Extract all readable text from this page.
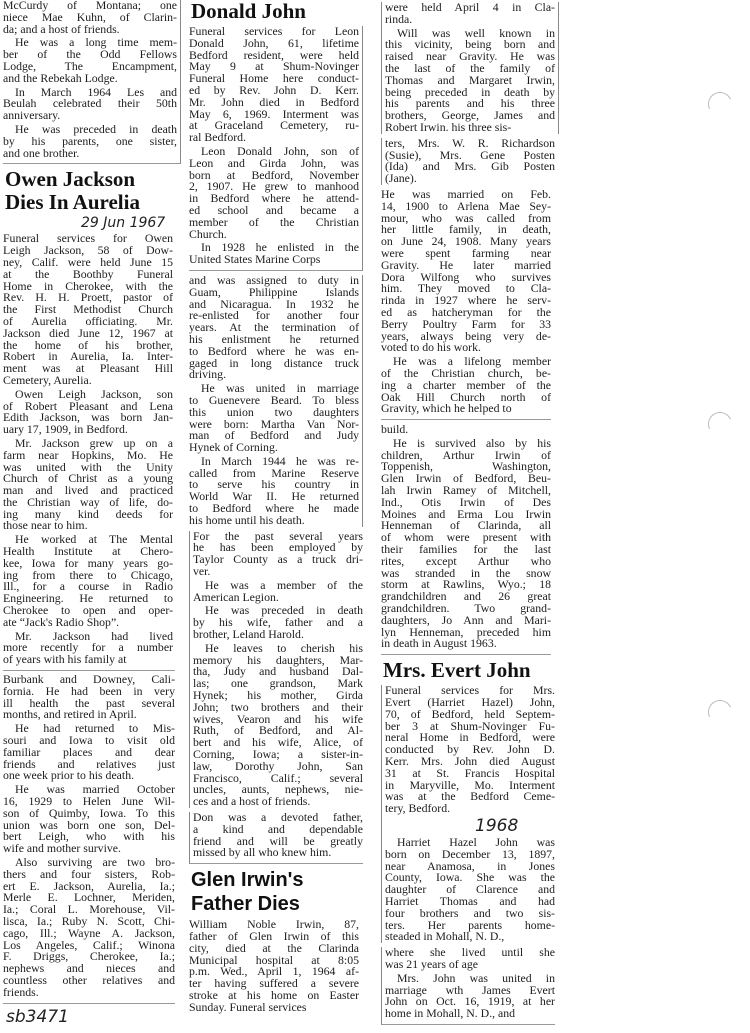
McCurdy of Montana; one
niece Mae Kuhn, of Clarin-
da; and a host of friends.

He was a long time mem-
ber of the Odd Fellows
Lodge, The Encampment,
and the Rebekah Lodge.

In March 1964 Les and
Beulah celebrated their 50th
anniversary.

He was preceded in death
by his parents, one sister,
and one brother.

Owen Jackson
Dies In Aurelia
29 Jun 1967

Funeral services for Owen
Leigh Jackson, 58 of Dow-
ney, Calif. were held June 15
at the Boothby Funeral
Home in Cherokee, with the
Rev. H. H. Proett, pastor of
the First Methodist Church
of Aurelia officiating. Mr.
Jackson died June 12, 1967 at
the home of his brother,
Robert in Aurelia, Ia. Inter-
ment was at Pleasant Hill
Cemetery, Aurelia.

Owen Leigh Jackson, son
of Robert Pleasant and Lena
Edith Jackson, was born Jan-
uary 17, 1909, in Bedford.

Mr. Jackson grew up on a
farm near Hopkins, Mo. He
was united with the Unity
Church of Christ as a young
man and lived and practiced
the Christian way of life, do-
ing many kind deeds for
those near to him.

He worked at The Mental
Health Institute at Chero-
kee, Iowa for many years go-
ing from there to Chicago,
Ill., for a course in Radio
Engineering. He returned to
Cherokee to open and oper-
ate “Jack's Radio Shop”.

Mr. Jackson had lived
more recently for a number
of years with his family at

Burbank and Downey, Cali-
fornia. He had been in very
ill health the past several
months, and retired in April.

He had returned to Mis-
souri and Iowa to visit old
familiar places and dear
friends and relatives just
one week prior to his death.

He was married October
16, 1929 to Helen June Wil-
son of Quimby, Iowa. To this
union was born one son, Del-
bert Leigh, who with his
wife and mother survive.

Also surviving are two bro-
thers and four sisters, Rob-
ert E. Jackson, Aurelia, Ia.;
Merle E. Lochner, Meriden,
Ia.; Coral L. Morehouse, Vil-
lisca, Ia.; Ruby N. Scott, Chi-
cago, Ill.; Wayne A. Jackson,
Los Angeles, Calif.; Winona
F. Driggs, Cherokee, Ia.;
nephews and nieces and
countless other relatives and
friends.

sb3471
Donald John

Funeral services for Leon
Donald John, 61, lifetime
Bedford resident, were held
May 9 at Shum-Novinger
Funeral Home here conduct-
ed by Rev. John D. Kerr.
Mr. John died in Bedford
May 6, 1969. Interment was
at Graceland Cemetery, ru-
ral Bedford.

Leon Donald John, son of
Leon and Girda John, was
born at Bedford, November
2, 1907. He grew to manhood
in Bedford where he attend-
ed school and became a
member of the Christian
Church.

In 1928 he enlisted in the
United States Marine Corps

and was assigned to duty in
Guam, Philippine Islands
and Nicaragua. In 1932 he
re-enlisted for another four
years. At the termination of
his enlistment he returned
to Bedford where he was en-
gaged in long distance truck
driving.

He was united in marriage
to Guenevere Beard. To bless
this union two daughters
were born: Martha Van Nor-
man of Bedford and Judy
Hynek of Corning.

In March 1944 he was re-
called from Marine Reserve
to serve his country in
World War II. He returned
to Bedford where he made
his home until his death.

For the past several years
he has been employed by
Taylor County as a truck dri-
ver.

He was a member of the
American Legion.

He was preceded in death
by his wife, father and a
brother, Leland Harold.

He leaves to cherish his
memory his daughters, Mar-
tha, Judy and husband Dal-
las; one grandson, Mark
Hynek; his mother, Girda
John; two brothers and their
wives, Vearon and his wife
Ruth, of Bedford, and Al-
bert and his wife, Alice, of
Corning, Iowa; a sister-in-
law, Dorothy John, San
Francisco, Calif.; several
uncles, aunts, nephews, nie-
ces and a host of friends.

Don was a devoted father,
a kind and dependable
friend and will be greatly
missed by all who knew him.

Glen Irwin's
Father Dies

William Noble Irwin, 87,
father of Glen Irwin of this
city, died at the Clarinda
Municipal hospital at 8:05
p.m. Wed., April 1, 1964 af-
ter having suffered a severe
stroke at his home on Easter
Sunday. Funeral services

were held April 4 in Cla-
rinda.

Will was well known in
this vicinity, being born and
raised near Gravity. He was
the last of the family of
Thomas and Margaret Irwin,
being preceded in death by
his parents and his three
brothers, George, James and
Robert Irwin. his three sis-

ters, Mrs. W. R. Richardson
(Susie), Mrs. Gene Posten
(Ida) and Mrs. Gib Posten
(Jane).

He was married on Feb.
14, 1900 to Arlena Mae Sey-
mour, who was called from
her little family, in death,
on June 24, 1908. Many years
were spent farming near
Gravity. He later married
Dora Wilfong who survives
him. They moved to Cla-
rinda in 1927 where he serv-
ed as hatcheryman for the
Berry Poultry Farm for 33
years, always being very de-
voted to do his work.

He was a lifelong member
of the Christian church, be-
ing a charter member of the
Oak Hill Church north of
Gravity, which he helped to

build.

He is survived also by his
children, Arthur Irwin of
Toppenish, Washington,
Glen Irwin of Bedford, Beu-
lah Irwin Ramey of Mitchell,
Ind., Otis Irwin of Des
Moines and Erma Lou Irwin
Henneman of Clarinda, all
of whom were present with
their families for the last
rites, except Arthur who
was stranded in the snow
storm at Rawlins, Wyo.; 18
grandchildren and 26 great
grandchildren. Two grand-
daughters, Jo Ann and Mari-
lyn Henneman, preceded him
in death in August 1963.

Mrs. Evert John

Funeral services for Mrs.
Evert (Harriet Hazel) John,
70, of Bedford, held Septem-
ber 3 at Shum-Novinger Fu-
neral Home in Bedford, were
conducted by Rev. John D.
Kerr. Mrs. John died August
31 at St. Francis Hospital
in Maryville, Mo. Interment
was at the Bedford Ceme-
tery, Bedford.

1968

Harriet Hazel John was
born on December 13, 1897,
near Anamosa, in Jones
County, Iowa. She was the
daughter of Clarence and
Harriet Thomas and had
four brothers and two sis-
ters. Her parents home-
steaded in Mohall, N. D.,

where she lived until she
was 21 years of age

Mrs. John was united in
marriage wth James Evert
John on Oct. 16, 1919, at her
home in Mohall, N. D., and
